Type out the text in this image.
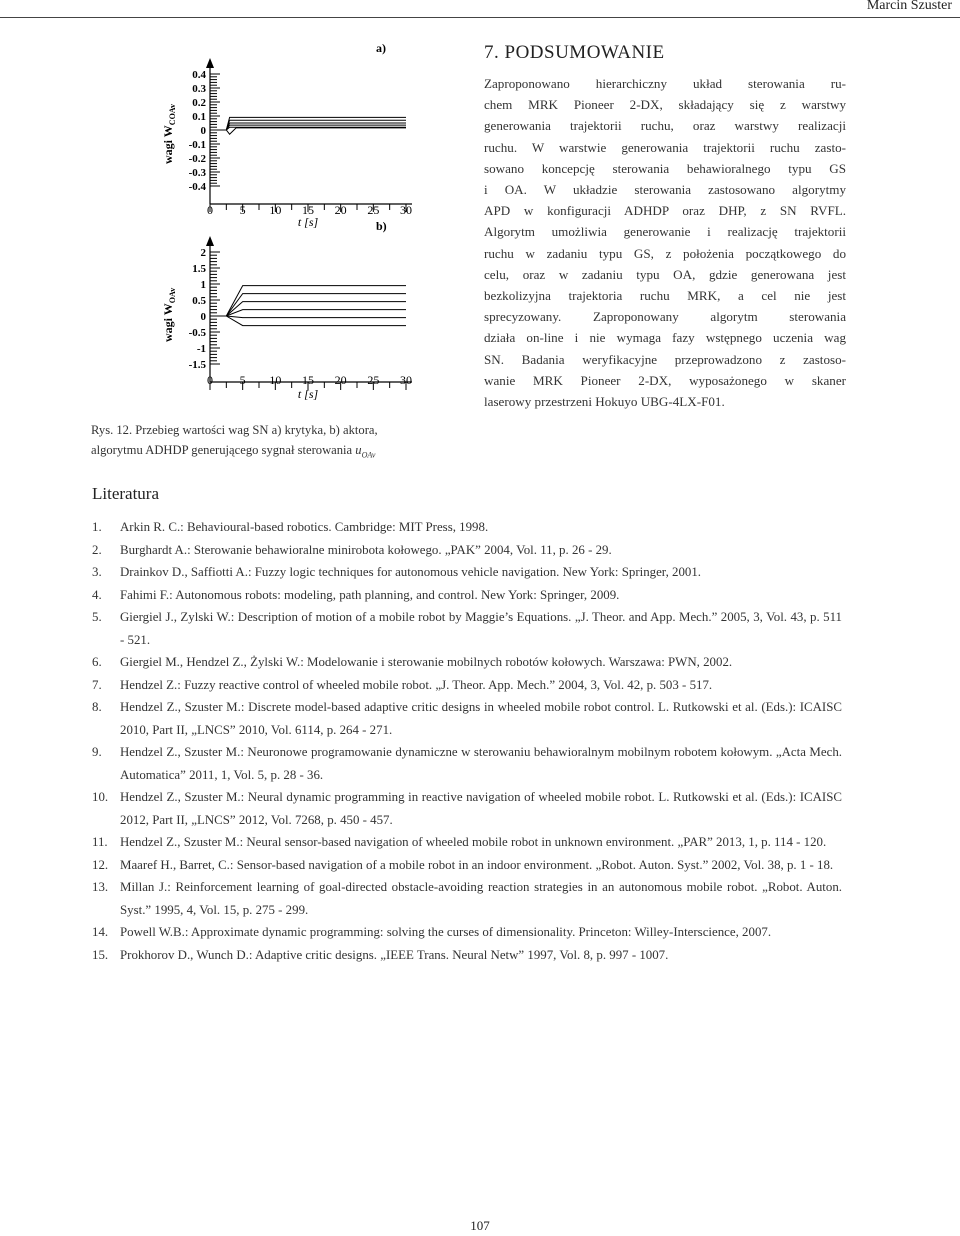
Marcin Szuster
a)
0.4
0.3
0.2
0.1
0
-0.1
-0.2
-0.3
-0.4
0 5 10 15 20 25 30
t [s]
wagi $W_{COAv}$
b)
2
1.5
1
0.5
0
-0.5
-1
-1.5
0 5 10 15 20 25 30
t [s]
wagi $W_{OAv}$
Rys. 12. Przebieg wartości wag SN a) krytyka, b) aktora,
algorytmu ADHDP generującego sygnał sterowania $u_{OAv}$
7. PODSUMOWANIE

Zaproponowano hierarchiczny układ sterowania ru-
chem MRK Pioneer 2-DX, składający się z warstwy
generowania trajektorii ruchu, oraz warstwy realizacji
ruchu. W warstwie generowania trajektorii ruchu zasto-
sowano koncepcję sterowania behawioralnego typu GS
i OA. W układzie sterowania zastosowano algorytmy
APD w konfiguracji ADHDP oraz DHP, z SN RVFL.
Algorytm umożliwia generowanie i realizację trajektorii
ruchu w zadaniu typu GS, z położenia początkowego do
celu, oraz w zadaniu typu OA, gdzie generowana jest
bezkolizyjna trajektoria ruchu MRK, a cel nie jest
sprecyzowany. Zaproponowany algorytm sterowania
działa on-line i nie wymaga fazy wstępnego uczenia wag
SN. Badania weryfikacyjne przeprowadzono z zastoso-
wanie MRK Pioneer 2-DX, wyposażonego w skaner
laserowy przestrzeni Hokuyo UBG-4LX-F01.

Literatura
1. Arkin R. C.: Behavioural-based robotics. Cambridge: MIT Press, 1998.
2. Burghardt A.: Sterowanie behawioralne minirobota kołowego. „PAK” 2004, Vol. 11, p. 26 - 29.
3. Drainkov D., Saffiotti A.: Fuzzy logic techniques for autonomous vehicle navigation. New York: Springer, 2001.
4. Fahimi F.: Autonomous robots: modeling, path planning, and control. New York: Springer, 2009.
5. Giergiel J., Zylski W.: Description of motion of a mobile robot by Maggie’s Equations. „J. Theor. and App. Mech.” 2005, 3, Vol. 43, p. 511 - 521.
6. Giergiel M., Hendzel Z., Żylski W.: Modelowanie i sterowanie mobilnych robotów kołowych. Warszawa: PWN, 2002.
7. Hendzel Z.: Fuzzy reactive control of wheeled mobile robot. „J. Theor. App. Mech.” 2004, 3, Vol. 42, p. 503 - 517.
8. Hendzel Z., Szuster M.: Discrete model-based adaptive critic designs in wheeled mobile robot control. L. Rutkowski et al. (Eds.): ICAISC 2010, Part II, „LNCS” 2010, Vol. 6114, p. 264 - 271.
9. Hendzel Z., Szuster M.: Neuronowe programowanie dynamiczne w sterowaniu behawioralnym mobilnym robotem kołowym. „Acta Mech. Automatica” 2011, 1, Vol. 5, p. 28 - 36.
10. Hendzel Z., Szuster M.: Neural dynamic programming in reactive navigation of wheeled mobile robot. L. Rutkowski et al. (Eds.): ICAISC 2012, Part II, „LNCS” 2012, Vol. 7268, p. 450 - 457.
11. Hendzel Z., Szuster M.: Neural sensor-based navigation of wheeled mobile robot in unknown environment. „PAR” 2013, 1, p. 114 - 120.
12. Maaref H., Barret, C.: Sensor-based navigation of a mobile robot in an indoor environment. „Robot. Auton. Syst.” 2002, Vol. 38, p. 1 - 18.
13. Millan J.: Reinforcement learning of goal-directed obstacle-avoiding reaction strategies in an autonomous mobile robot. „Robot. Auton. Syst.” 1995, 4, Vol. 15, p. 275 - 299.
14. Powell W.B.: Approximate dynamic programming: solving the curses of dimensionality. Princeton: Willey-Interscience, 2007.
15. Prokhorov D., Wunch D.: Adaptive critic designs. „IEEE Trans. Neural Netw” 1997, Vol. 8, p. 997 - 1007.
107
